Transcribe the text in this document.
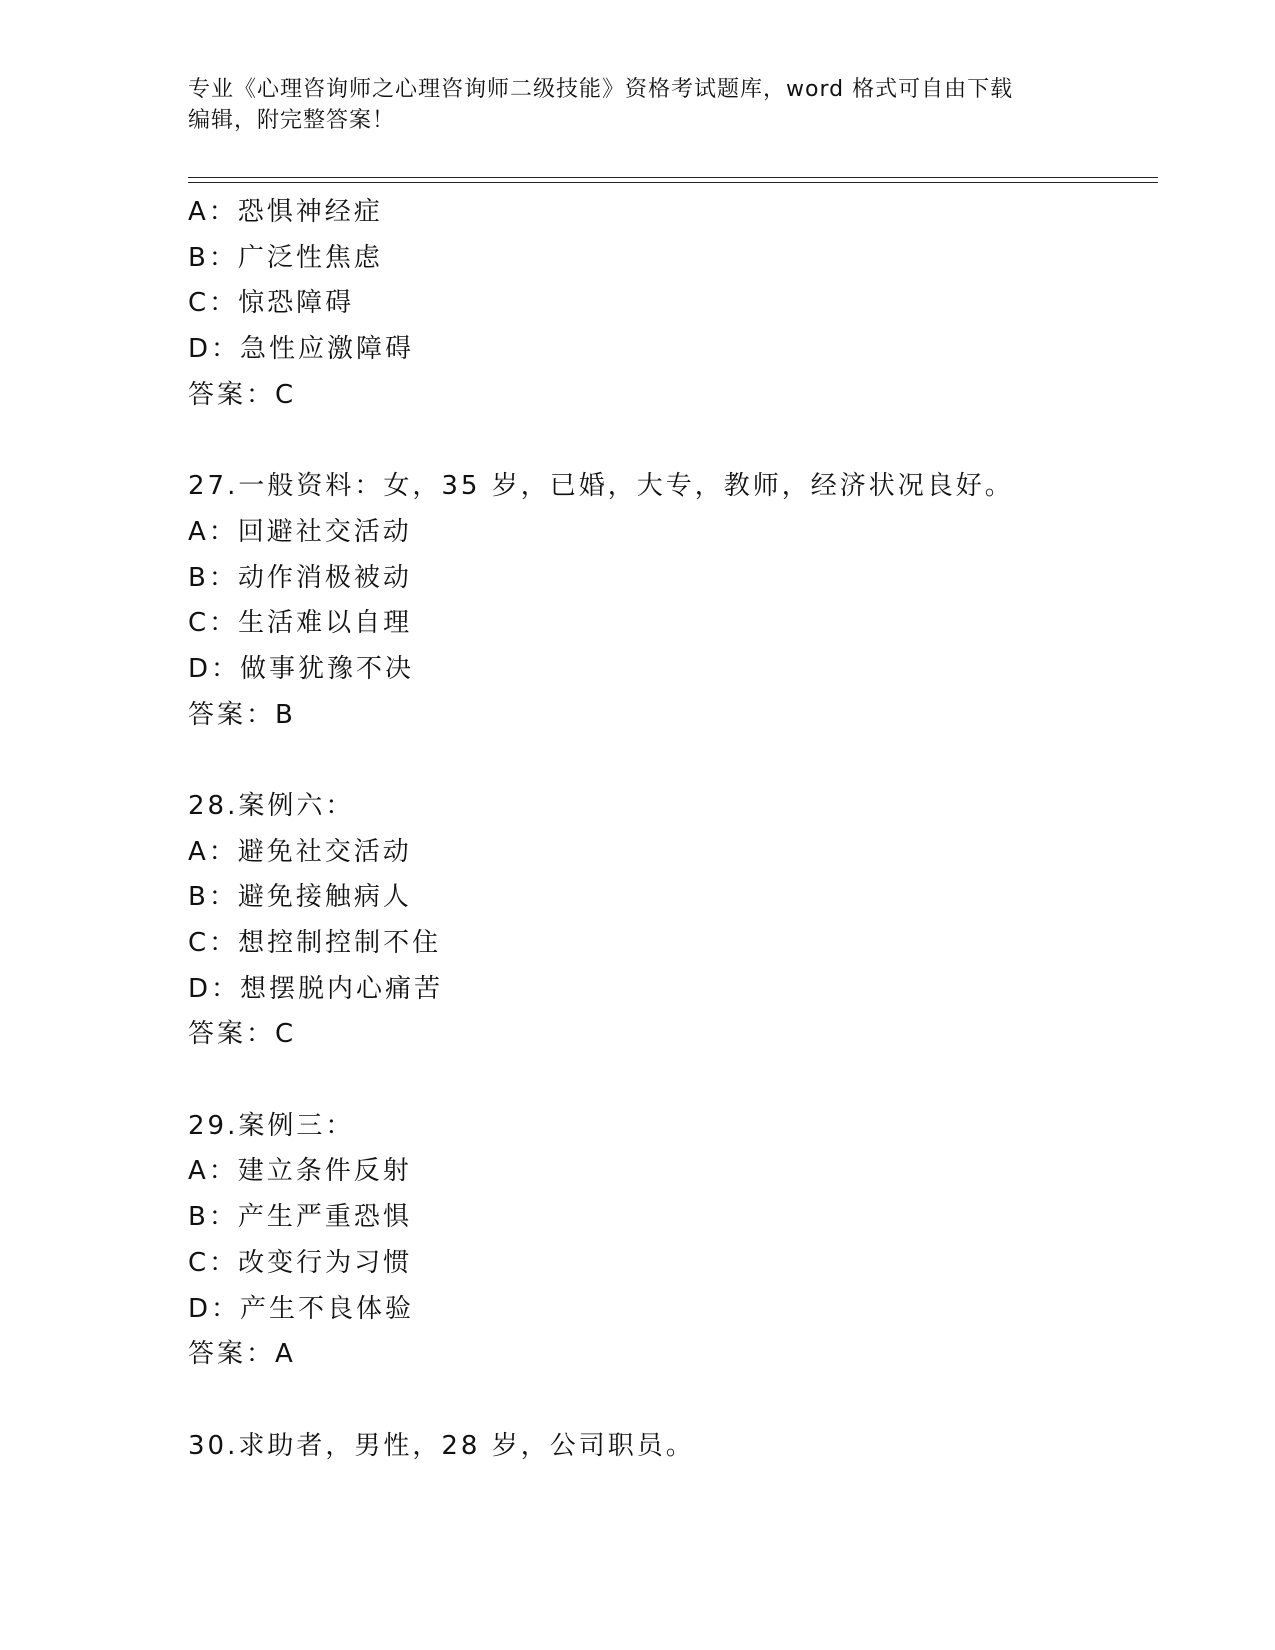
专业《心理咨询师之心理咨询师二级技能》资格考试题库，word 格式可自由下载
编辑，附完整答案！
A：恐惧神经症
B：广泛性焦虑
C：惊恐障碍
D：急性应激障碍
答案：C
27.一般资料：女，35 岁，已婚，大专，教师，经济状况良好。
A：回避社交活动
B：动作消极被动
C：生活难以自理
D：做事犹豫不决
答案：B
28.案例六：
A：避免社交活动
B：避免接触病人
C：想控制控制不住
D：想摆脱内心痛苦
答案：C
29.案例三：
A：建立条件反射
B：产生严重恐惧
C：改变行为习惯
D：产生不良体验
答案：A
30.求助者，男性，28 岁，公司职员。
